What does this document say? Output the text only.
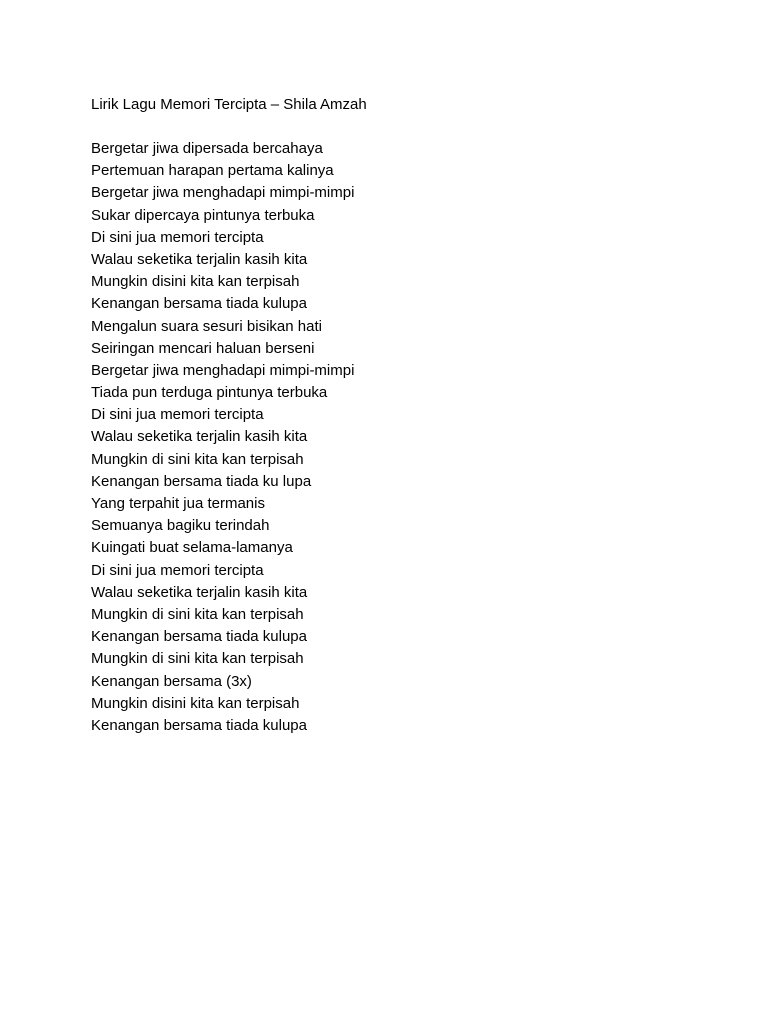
Lirik Lagu Memori Tercipta – Shila Amzah
Bergetar jiwa dipersada bercahaya
Pertemuan harapan pertama kalinya
Bergetar jiwa menghadapi mimpi-mimpi
Sukar dipercaya pintunya terbuka
Di sini jua memori tercipta
Walau seketika terjalin kasih kita
Mungkin disini kita kan terpisah
Kenangan bersama tiada kulupa
Mengalun suara sesuri bisikan hati
Seiringan mencari haluan berseni
Bergetar jiwa menghadapi mimpi-mimpi
Tiada pun terduga pintunya terbuka
Di sini jua memori tercipta
Walau seketika terjalin kasih kita
Mungkin di sini kita kan terpisah
Kenangan bersama tiada ku lupa
Yang terpahit jua termanis
Semuanya bagiku terindah
Kuingati buat selama-lamanya
Di sini jua memori tercipta
Walau seketika terjalin kasih kita
Mungkin di sini kita kan terpisah
Kenangan bersama tiada kulupa
Mungkin di sini kita kan terpisah
Kenangan bersama (3x)
Mungkin disini kita kan terpisah
Kenangan bersama tiada kulupa
